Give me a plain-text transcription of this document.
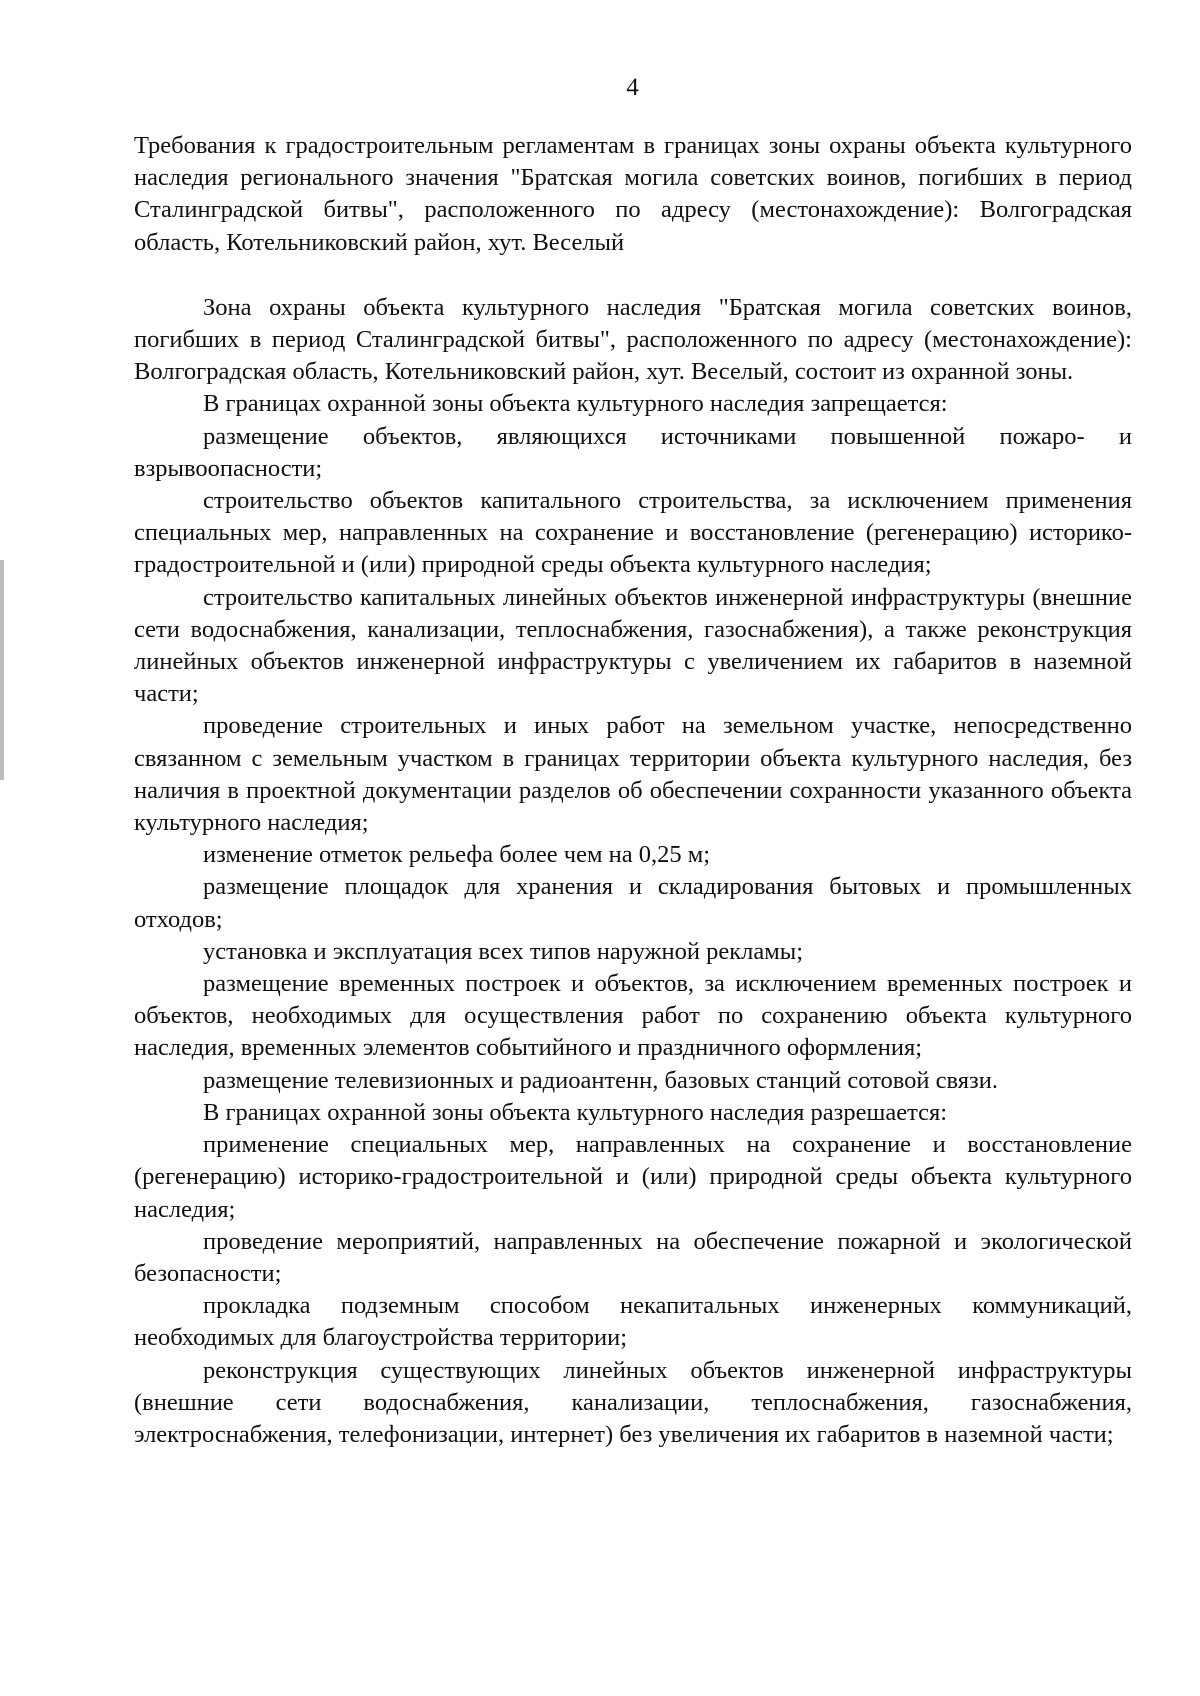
4

Требования к градостроительным регламентам в границах зоны охраны объекта культурного наследия регионального значения "Братская могила советских воинов, погибших в период Сталинградской битвы", расположенного по адресу (местонахождение): Волгоградская область, Котельниковский район, хут. Веселый

Зона охраны объекта культурного наследия "Братская могила советских воинов, погибших в период Сталинградской битвы", расположенного по адресу (местонахождение): Волгоградская область, Котельниковский район, хут. Веселый, состоит из охранной зоны.

В границах охранной зоны объекта культурного наследия запрещается:

размещение объектов, являющихся источниками повышенной пожаро- и взрывоопасности;

строительство объектов капитального строительства, за исключением применения специальных мер, направленных на сохранение и восстановление (регенерацию) историко-градостроительной и (или) природной среды объекта культурного наследия;

строительство капитальных линейных объектов инженерной инфраструктуры (внешние сети водоснабжения, канализации, теплоснабжения, газоснабжения), а также реконструкция линейных объектов инженерной инфраструктуры с увеличением их габаритов в наземной части;

проведение строительных и иных работ на земельном участке, непосредственно связанном с земельным участком в границах территории объекта культурного наследия, без наличия в проектной документации разделов об обеспечении сохранности указанного объекта культурного наследия;

изменение отметок рельефа более чем на 0,25 м;

размещение площадок для хранения и складирования бытовых и промышленных отходов;

установка и эксплуатация всех типов наружной рекламы;

размещение временных построек и объектов, за исключением временных построек и объектов, необходимых для осуществления работ по сохранению объекта культурного наследия, временных элементов событийного и праздничного оформления;

размещение телевизионных и радиоантенн, базовых станций сотовой связи.

В границах охранной зоны объекта культурного наследия разрешается:

применение специальных мер, направленных на сохранение и восстановление (регенерацию) историко-градостроительной и (или) природной среды объекта культурного наследия;

проведение мероприятий, направленных на обеспечение пожарной и экологической безопасности;

прокладка подземным способом некапитальных инженерных коммуникаций, необходимых для благоустройства территории;

реконструкция существующих линейных объектов инженерной инфраструктуры (внешние сети водоснабжения, канализации, теплоснабжения, газоснабжения, электроснабжения, телефонизации, интернет) без увеличения их габаритов в наземной части;
